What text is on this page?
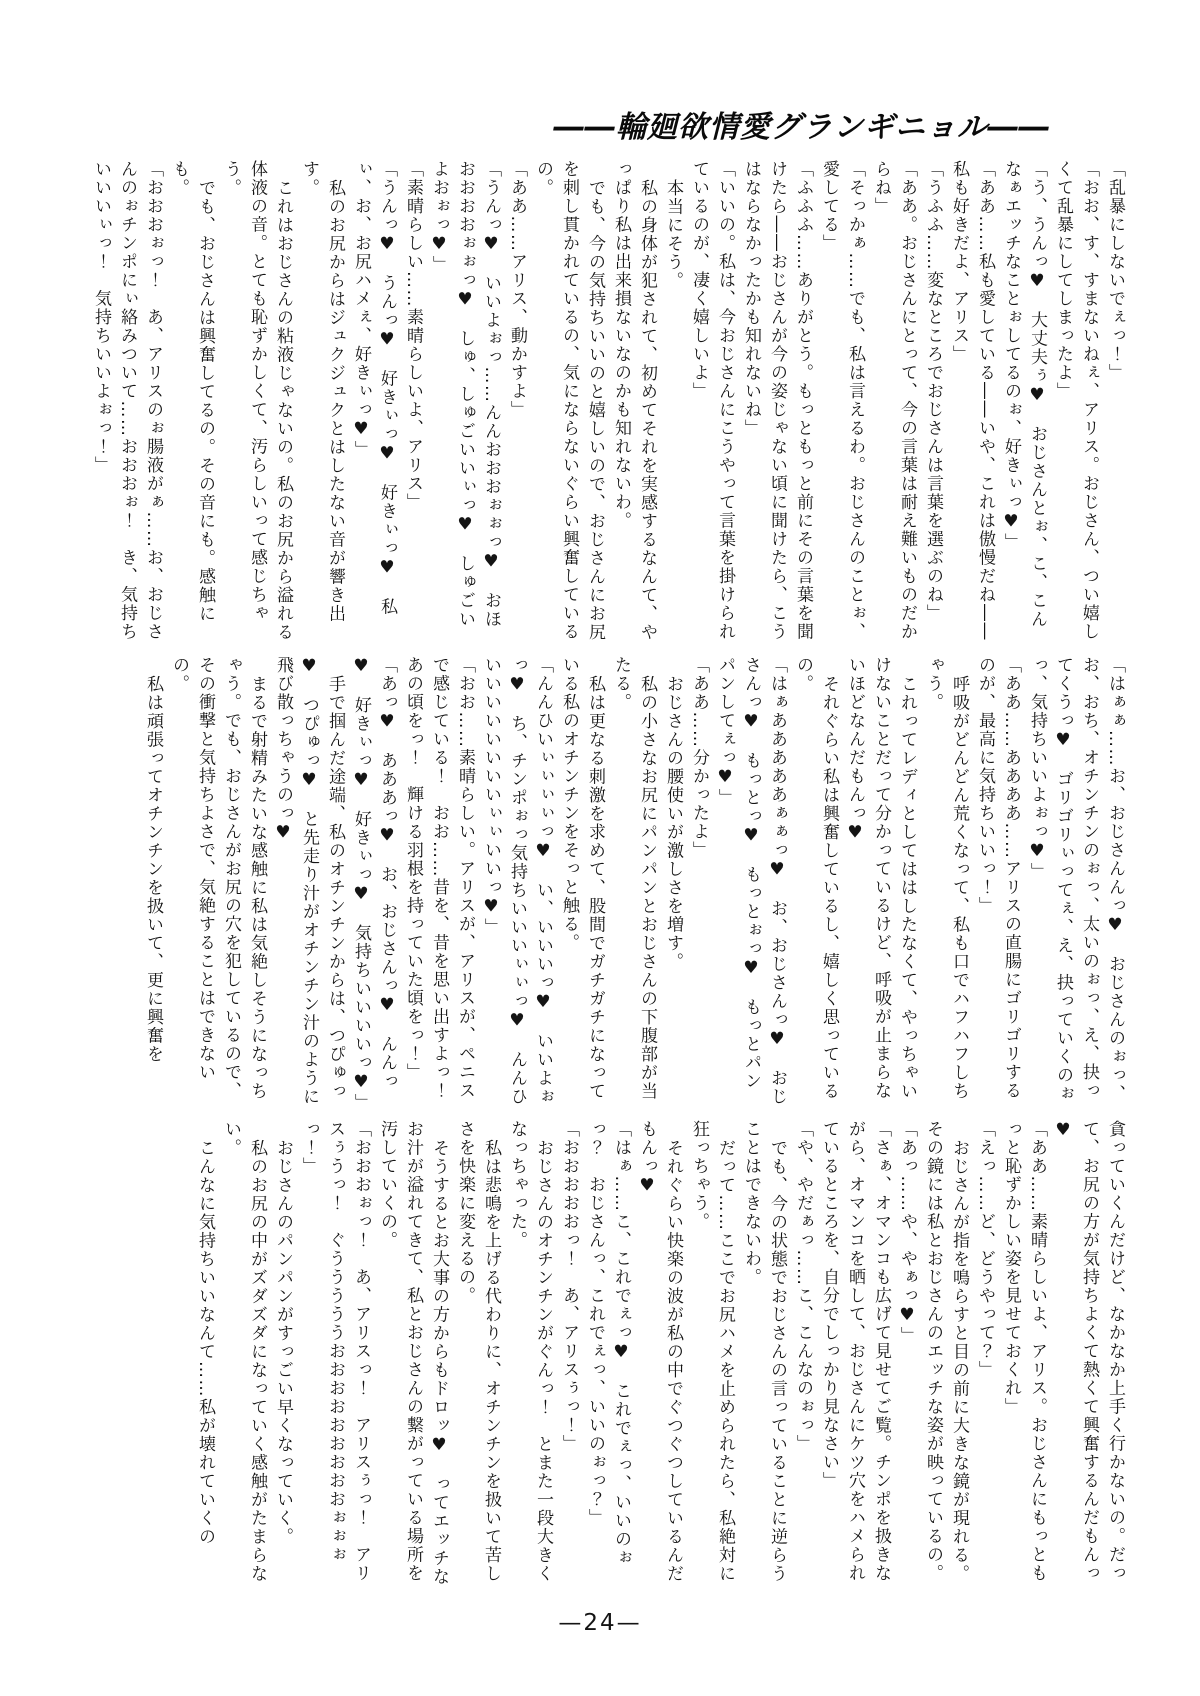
――輪廻欲情愛グランギニョル――

「乱暴にしないでぇっ！」

「おお、す、すまないねぇ、アリス。おじさん、つい嬉しくて乱暴にしてしまったよ」

「う、うんっ♥　大丈夫ぅ♥　おじさんとぉ、こ、こんなぁエッチなことぉしてるのぉ、好きぃっ♥」

「ああ……私も愛している――いや、これは傲慢だね――私も好きだよ、アリス」

「うふふ……変なところでおじさんは言葉を選ぶのね」

「ああ。おじさんにとって、今の言葉は耐え難いものだからね」

「そっかぁ……でも、私は言えるわ。おじさんのことぉ、愛してる」

「ふふふ……ありがとう。もっともっと前にその言葉を聞けたら――おじさんが今の姿じゃない頃に聞けたら、こうはならなかったかも知れないね」

「いいの。私は、今おじさんにこうやって言葉を掛けられているのが、凄く嬉しいよ」

本当にそう。

私の身体が犯されて、初めてそれを実感するなんて、やっぱり私は出来損ないなのかも知れないわ。

でも、今の気持ちいいのと嬉しいので、おじさんにお尻を刺し貫かれているの、気にならないぐらい興奮しているの。

「ああ……アリス、動かすよ」

「うんっ♥　いいよぉっ……んんおおおぉぉっ♥　おほおおおおぉぉっ♥　しゅ、しゅごいいぃっ♥　しゅごいよおぉっ♥」

「素晴らしい……素晴らしいよ、アリス」

「うんっ♥　うんっ♥　好きぃっ♥　好きぃっ♥　私ぃ、お、お尻ハメぇ、好きぃっ♥」

私のお尻からはジュクジュクとはしたない音が響き出す。

これはおじさんの粘液じゃないの。私のお尻から溢れる体液の音。とても恥ずかしくて、汚らしいって感じちゃう。

でも、おじさんは興奮してるの。その音にも。感触にも。

「おおおぉっ！　あ、アリスのぉ腸液がぁ……お、おじさんのぉチンポにぃ絡みついて……おおおぉ！　き、気持ちいいいぃっ！　気持ちいいよぉっ！」

「はぁぁ……お、おじさんんっ♥　おじさんのぉっ、お、おち、オチンチンのぉっ、太いのぉっ、え、抉ってくうっ♥　ゴリゴリぃってぇ、え、抉っていくのぉっ、気持ちいいよぉっ♥」

「ああ……ああああ……アリスの直腸にゴリゴリするのが、最高に気持ちいいっ！」

呼吸がどんどん荒くなって、私も口でハフハフしちゃう。

これってレディとしてははしたなくて、やっちゃいけないことだって分かっているけど、呼吸が止まらないほどなんだもんっ♥

それぐらい私は興奮しているし、嬉しく思っているの。

「はぁあああああぁぁっ♥　お、おじさんっ♥　おじさんっ♥　もっとっ♥　もっとぉっ♥　もっとパンパンしてぇっ♥」

「ああ……分かったよ」

おじさんの腰使いが激しさを増す。

私の小さなお尻にパンパンとおじさんの下腹部が当たる。

私は更なる刺激を求めて、股間でガチガチになっている私のオチンチンをそっと触る。

「んんひいぃぃぃぃっ♥　い、いいいっ♥　いいよぉっ♥　ち、チンポぉっ気持ちいいいぃぃっ♥　んんひいいいいいいいいぃぃいいっ♥」

「おお……素晴らしい。アリスが、アリスが、ペニスで感じている！　おお……昔を、昔を思い出すよっ！　あの頃をっ！　輝ける羽根を持っていた頃をっ！」

「あっ♥　あああっ♥　お、おじさんっ♥　んんっ♥　好きぃっ♥　好きぃっ♥　気持ちいいいいっ♥」

手で掴んだ途端、私のオチンチンからは、つぴゅっ♥　つぴゅっ♥　と先走り汁がオチンチン汁のように飛び散っちゃうのっ♥

まるで射精みたいな感触に私は気絶しそうになっちゃう。でも、おじさんがお尻の穴を犯しているので、その衝撃と気持ちよさで、気絶することはできないの。

私は頑張ってオチンチンを扱いて、更に興奮を

貪っていくんだけど、なかなか上手く行かないの。だって、お尻の方が気持ちよくて熱くて興奮するんだもんっ♥

「ああ……素晴らしいよ、アリス。おじさんにもっともっと恥ずかしい姿を見せておくれ」

「えっ……ど、どうやって？」

おじさんが指を鳴らすと目の前に大きな鏡が現れる。その鏡には私とおじさんのエッチな姿が映っているの。

「あっ……や、やぁっ♥」

「さぁ、オマンコも広げて見せてご覧。チンポを扱きながら、オマンコを晒して、おじさんにケツ穴をハメられているところを、自分でしっかり見なさい」

「や、やだぁっ……こ、こんなのぉっ」

でも、今の状態でおじさんの言っていることに逆らうことはできないわ。

だって……ここでお尻ハメを止められたら、私絶対に狂っちゃう。

それぐらい快楽の波が私の中でぐつぐつしているんだもんっ♥

「はぁ……こ、これでぇっ♥　これでぇっ、いいのぉっ？　おじさんっ、これでぇっ、いいのぉっ？」

「おおおおおっ！　あ、アリスぅっ！」

おじさんのオチンチンがぐんっ！　とまた一段大きくなっちゃった。

私は悲鳴を上げる代わりに、オチンチンを扱いて苦しさを快楽に変えるの。

そうするとお大事の方からもドロッ♥　ってエッチなお汁が溢れてきて、私とおじさんの繋がっている場所を汚していくの。

「おおおぉっ！　あ、アリスっ！　アリスぅっ！　アリスぅうっ！　ぐうううううおおおおおおおおおぉぉぉっ！」

おじさんのパンパンがすっごい早くなっていく。

私のお尻の中がズダズダになっていく感触がたまらない。

こんなに気持ちいいなんて……私が壊れていくの

—24—
